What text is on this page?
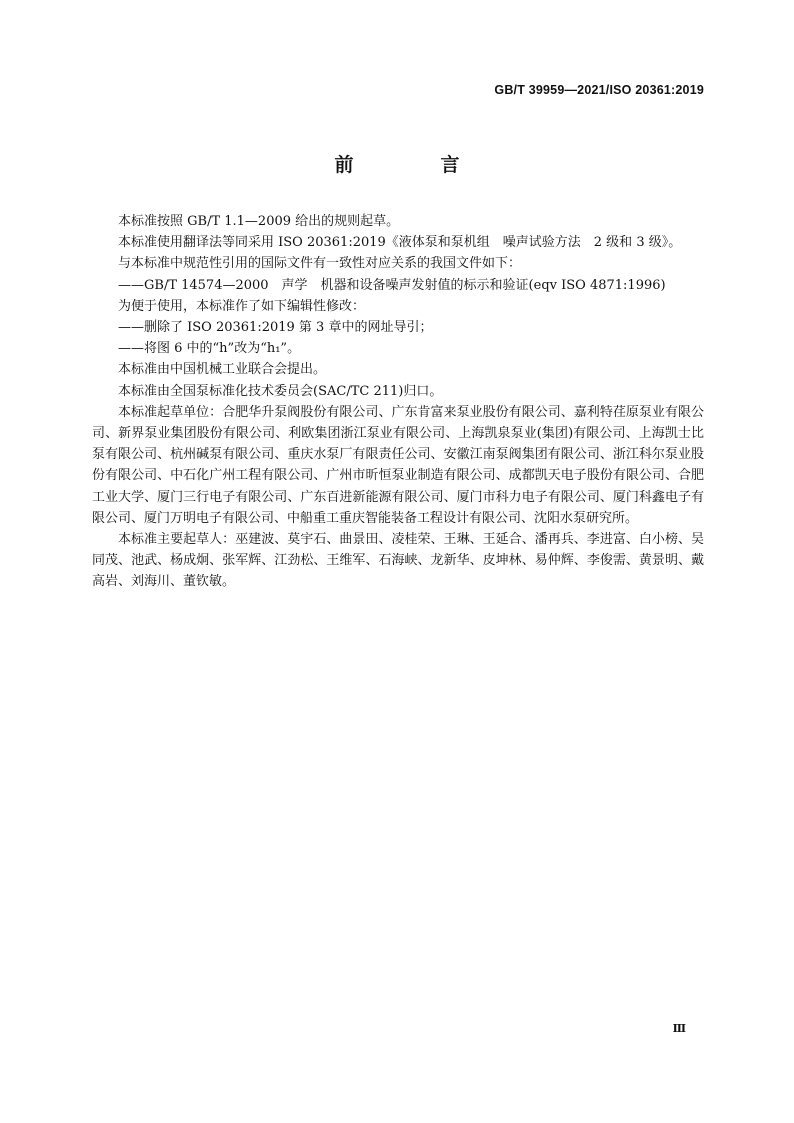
GB/T 39959—2021/ISO 20361:2019
前　言

本标准按照 GB/T 1.1—2009 给出的规则起草。

本标准使用翻译法等同采用 ISO 20361:2019《液体泵和泵机组　噪声试验方法　2 级和 3 级》。

与本标准中规范性引用的国际文件有一致性对应关系的我国文件如下：

——GB/T 14574—2000　声学　机器和设备噪声发射值的标示和验证(eqv ISO 4871:1996)

为便于使用，本标准作了如下编辑性修改：

——删除了 ISO 20361:2019 第 3 章中的网址导引；

——将图 6 中的“h”改为“h₁”。

本标准由中国机械工业联合会提出。

本标准由全国泵标准化技术委员会(SAC/TC 211)归口。

本标准起草单位：合肥华升泵阀股份有限公司、广东肯富来泵业股份有限公司、嘉利特荏原泵业有限公司、新界泵业集团股份有限公司、利欧集团浙江泵业有限公司、上海凯泉泵业(集团)有限公司、上海凯士比泵有限公司、杭州碱泵有限公司、重庆水泵厂有限责任公司、安徽江南泵阀集团有限公司、浙江科尔泵业股份有限公司、中石化广州工程有限公司、广州市昕恒泵业制造有限公司、成都凯天电子股份有限公司、合肥工业大学、厦门三行电子有限公司、广东百进新能源有限公司、厦门市科力电子有限公司、厦门科鑫电子有限公司、厦门万明电子有限公司、中船重工重庆智能装备工程设计有限公司、沈阳水泵研究所。

本标准主要起草人：巫建波、莫宇石、曲景田、凌桂荣、王琳、王延合、潘再兵、李进富、白小榜、吴同茂、池武、杨成炯、张军辉、江劲松、王维军、石海峡、龙新华、皮坤林、易仲辉、李俊需、黄景明、戴高岩、刘海川、董钦敏。

Ⅲ
